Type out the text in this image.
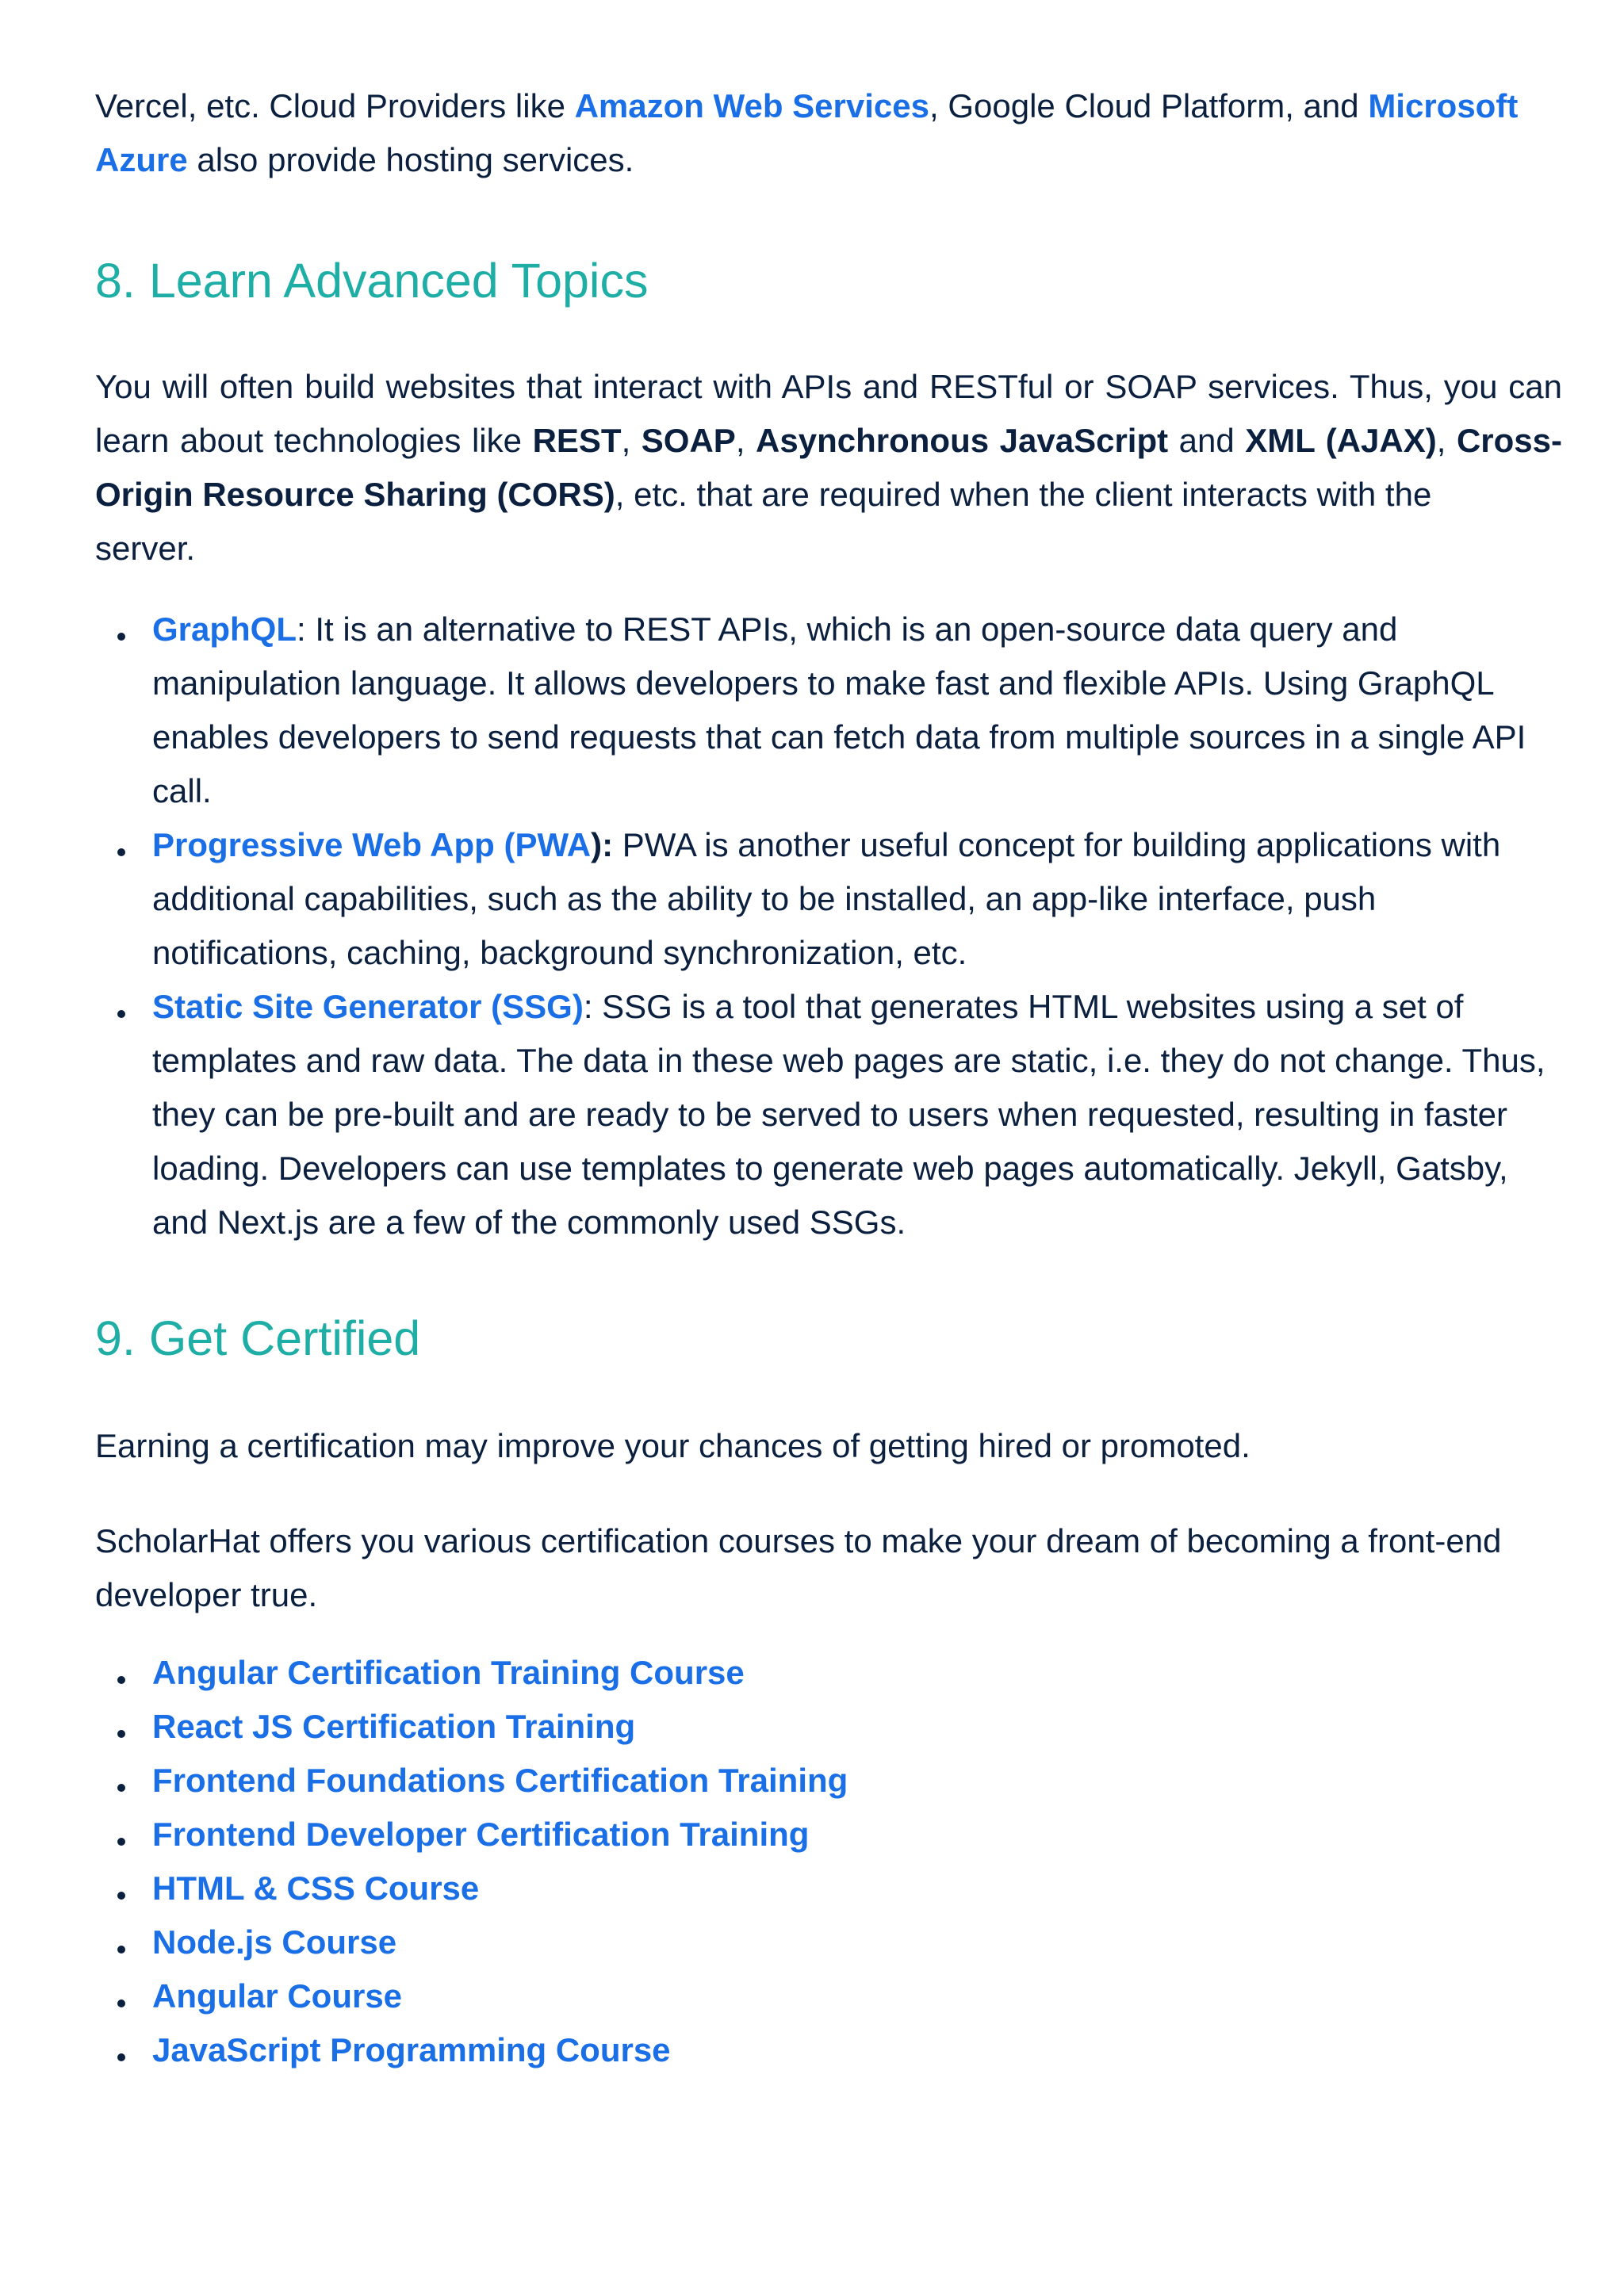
Vercel, etc. Cloud Providers like Amazon Web Services, Google Cloud Platform, and Microsoft Azure also provide hosting services.

8. Learn Advanced Topics

You will often build websites that interact with APIs and RESTful or SOAP services. Thus, you can learn about technologies like REST, SOAP, Asynchronous JavaScript and XML (AJAX), Cross-Origin Resource Sharing (CORS), etc. that are required when the client interacts with the

server.

GraphQL: It is an alternative to REST APIs, which is an open-source data query and manipulation language. It allows developers to make fast and flexible APIs. Using GraphQL enables developers to send requests that can fetch data from multiple sources in a single API call.
Progressive Web App (PWA): PWA is another useful concept for building applications with additional capabilities, such as the ability to be installed, an app-like interface, push notifications, caching, background synchronization, etc.
Static Site Generator (SSG): SSG is a tool that generates HTML websites using a set of templates and raw data. The data in these web pages are static, i.e. they do not change. Thus, they can be pre-built and are ready to be served to users when requested, resulting in faster loading. Developers can use templates to generate web pages automatically. Jekyll, Gatsby, and Next.js are a few of the commonly used SSGs.
9. Get Certified

Earning a certification may improve your chances of getting hired or promoted.

ScholarHat offers you various certification courses to make your dream of becoming a front-end developer true.

Angular Certification Training Course
React JS Certification Training
Frontend Foundations Certification Training
Frontend Developer Certification Training
HTML & CSS Course
Node.js Course
Angular Course
JavaScript Programming Course
